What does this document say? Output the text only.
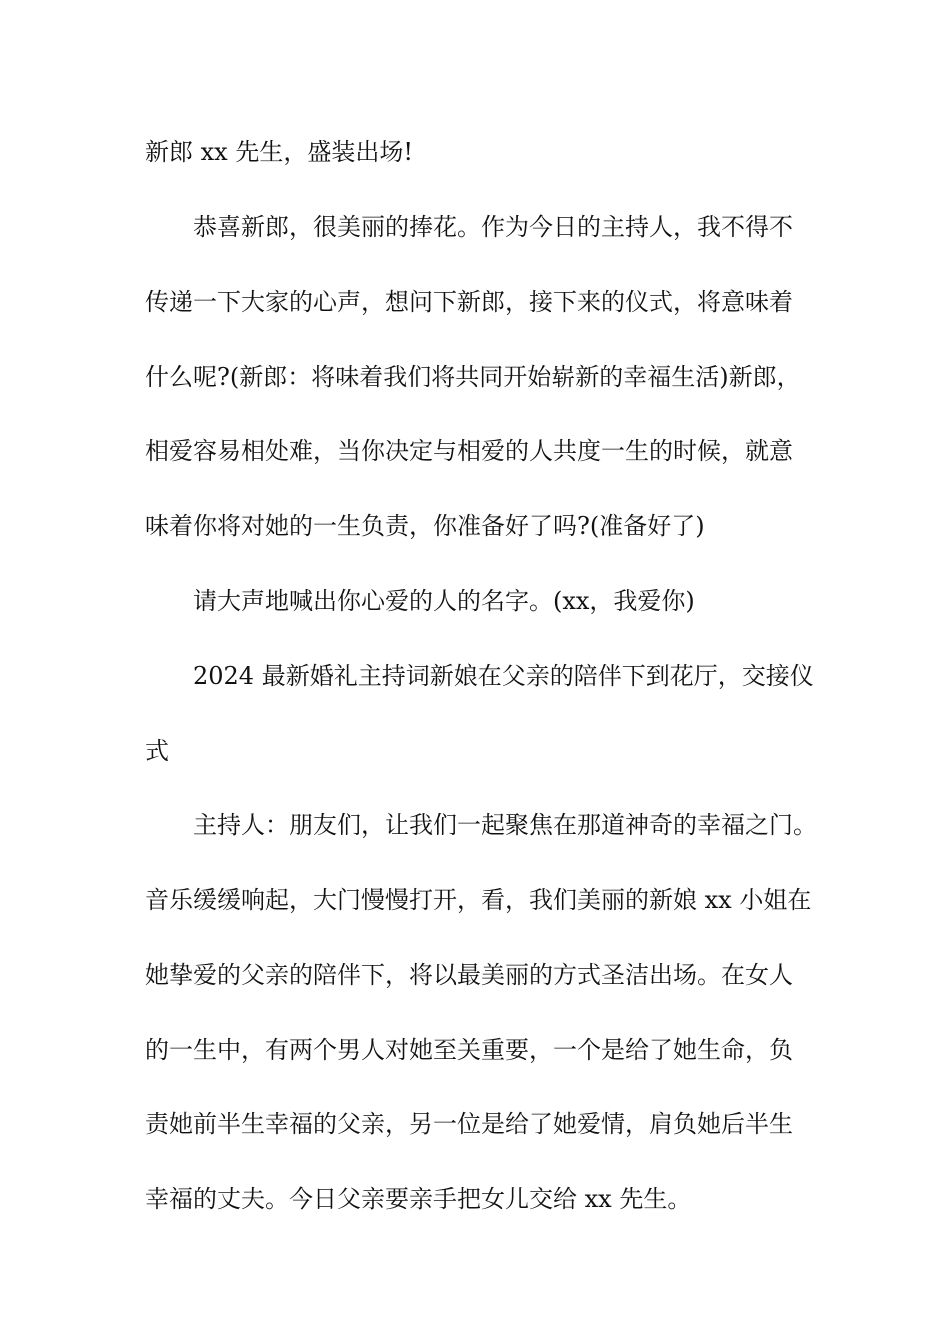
新郎 xx 先生，盛装出场!
恭喜新郎，很美丽的捧花。作为今日的主持人，我不得不
传递一下大家的心声，想问下新郎，接下来的仪式，将意味着
什么呢?(新郎：将味着我们将共同开始崭新的幸福生活)新郎，
相爱容易相处难，当你决定与相爱的人共度一生的时候，就意
味着你将对她的一生负责，你准备好了吗?(准备好了)
请大声地喊出你心爱的人的名字。(xx，我爱你)
2024 最新婚礼主持词新娘在父亲的陪伴下到花厅，交接仪
式
主持人：朋友们，让我们一起聚焦在那道神奇的幸福之门。
音乐缓缓响起，大门慢慢打开，看，我们美丽的新娘 xx 小姐在
她挚爱的父亲的陪伴下，将以最美丽的方式圣洁出场。在女人
的一生中，有两个男人对她至关重要，一个是给了她生命，负
责她前半生幸福的父亲，另一位是给了她爱情，肩负她后半生
幸福的丈夫。今日父亲要亲手把女儿交给 xx 先生。
